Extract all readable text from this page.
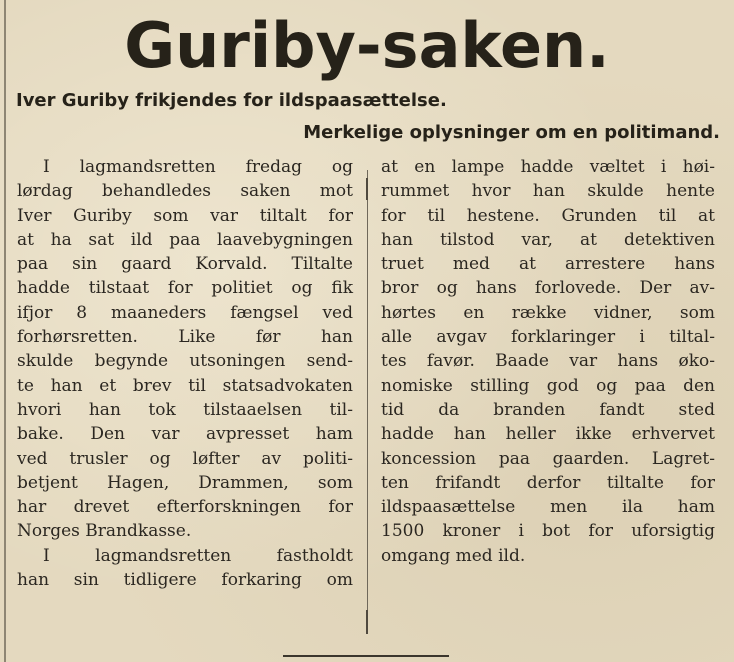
Guriby-saken.
Iver Guriby frikjendes for ildspaasættelse.
Merkelige oplysninger om en politimand.
I lagmandsretten fredag og
lørdag behandledes saken mot
Iver Guriby som var tiltalt for
at ha sat ild paa laavebygningen
paa sin gaard Korvald. Tiltalte
hadde tilstaat for politiet og fik
ifjor 8 maaneders fængsel ved
forhørsretten. Like før han
skulde begynde utsoningen send-
te han et brev til statsadvokaten
hvori han tok tilstaaelsen til-
bake. Den var avpresset ham
ved trusler og løfter av politi-
betjent Hagen, Drammen, som
har drevet efterforskningen for
Norges Brandkasse.
I lagmandsretten fastholdt
han sin tidligere forkaring om
at en lampe hadde væltet i høi-
rummet hvor han skulde hente
for til hestene. Grunden til at
han tilstod var, at detektiven
truet med at arrestere hans
bror og hans forlovede. Der av-
hørtes en række vidner, som
alle avgav forklaringer i tiltal-
tes favør. Baade var hans øko-
nomiske stilling god og paa den
tid da branden fandt sted
hadde han heller ikke erhvervet
koncession paa gaarden. Lagret-
ten frifandt derfor tiltalte for
ildspaasættelse men ila ham
1500 kroner i bot for uforsigtig
omgang med ild.
